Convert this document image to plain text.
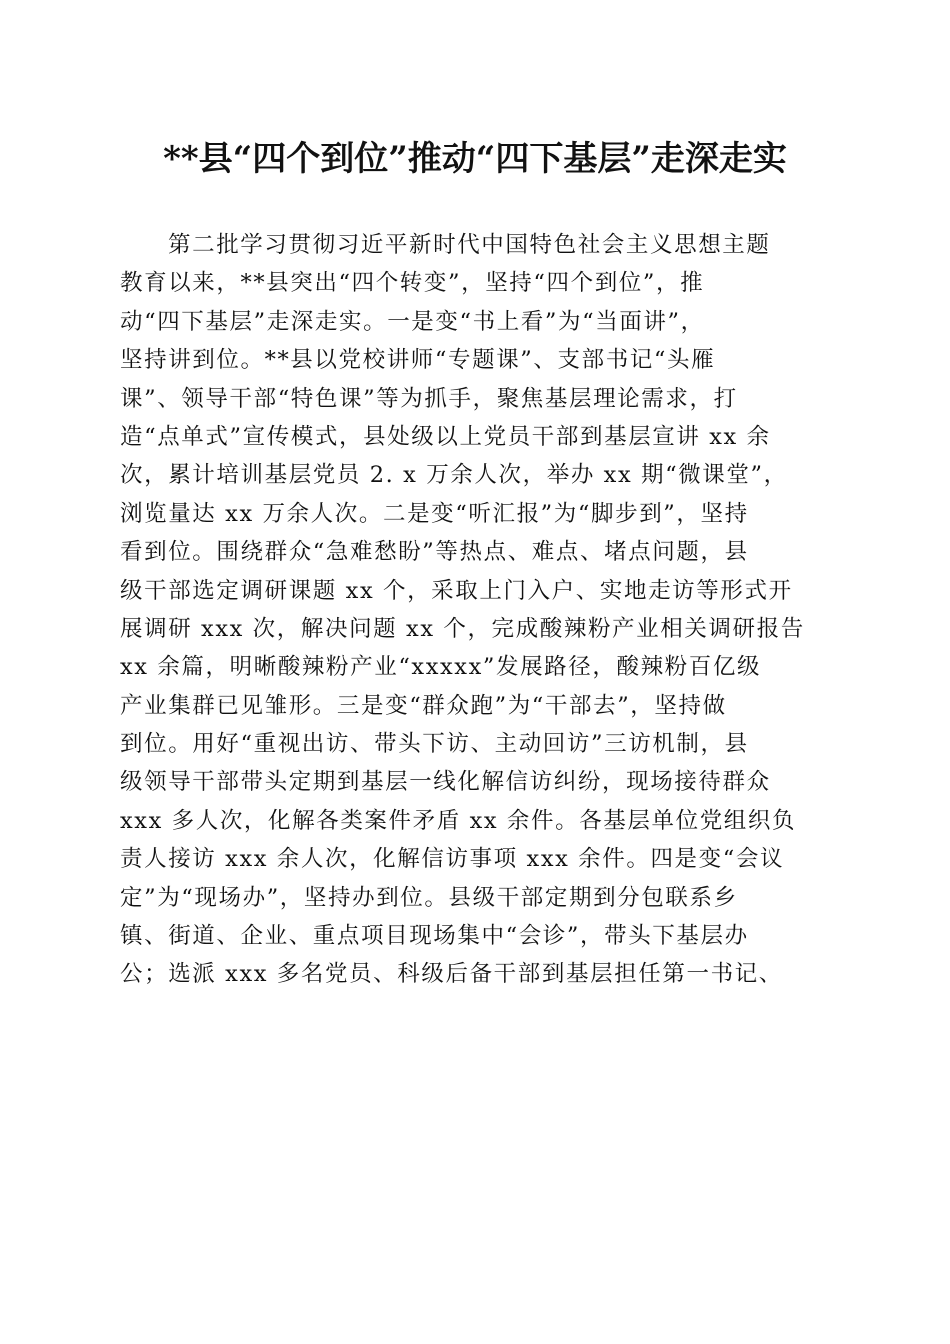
**县“四个到位”推动“四下基层”走深走实
第二批学习贯彻习近平新时代中国特色社会主义思想主题
教育以来，**县突出“四个转变”，坚持“四个到位”，推
动“四下基层”走深走实。一是变“书上看”为“当面讲”，
坚持讲到位。**县以党校讲师“专题课”、支部书记“头雁
课”、领导干部“特色课”等为抓手，聚焦基层理论需求，打
造“点单式”宣传模式，县处级以上党员干部到基层宣讲 xx 余
次，累计培训基层党员 2. x 万余人次，举办 xx 期“微课堂”，
浏览量达 xx 万余人次。二是变“听汇报”为“脚步到”，坚持
看到位。围绕群众“急难愁盼”等热点、难点、堵点问题，县
级干部选定调研课题 xx 个，采取上门入户、实地走访等形式开
展调研 xxx 次，解决问题 xx 个，完成酸辣粉产业相关调研报告
xx 余篇，明晰酸辣粉产业“xxxxx”发展路径，酸辣粉百亿级
产业集群已见雏形。三是变“群众跑”为“干部去”，坚持做
到位。用好“重视出访、带头下访、主动回访”三访机制，县
级领导干部带头定期到基层一线化解信访纠纷，现场接待群众
xxx 多人次，化解各类案件矛盾 xx 余件。各基层单位党组织负
责人接访 xxx 余人次，化解信访事项 xxx 余件。四是变“会议
定”为“现场办”，坚持办到位。县级干部定期到分包联系乡
镇、街道、企业、重点项目现场集中“会诊”，带头下基层办
公；选派 xxx 多名党员、科级后备干部到基层担任第一书记、
